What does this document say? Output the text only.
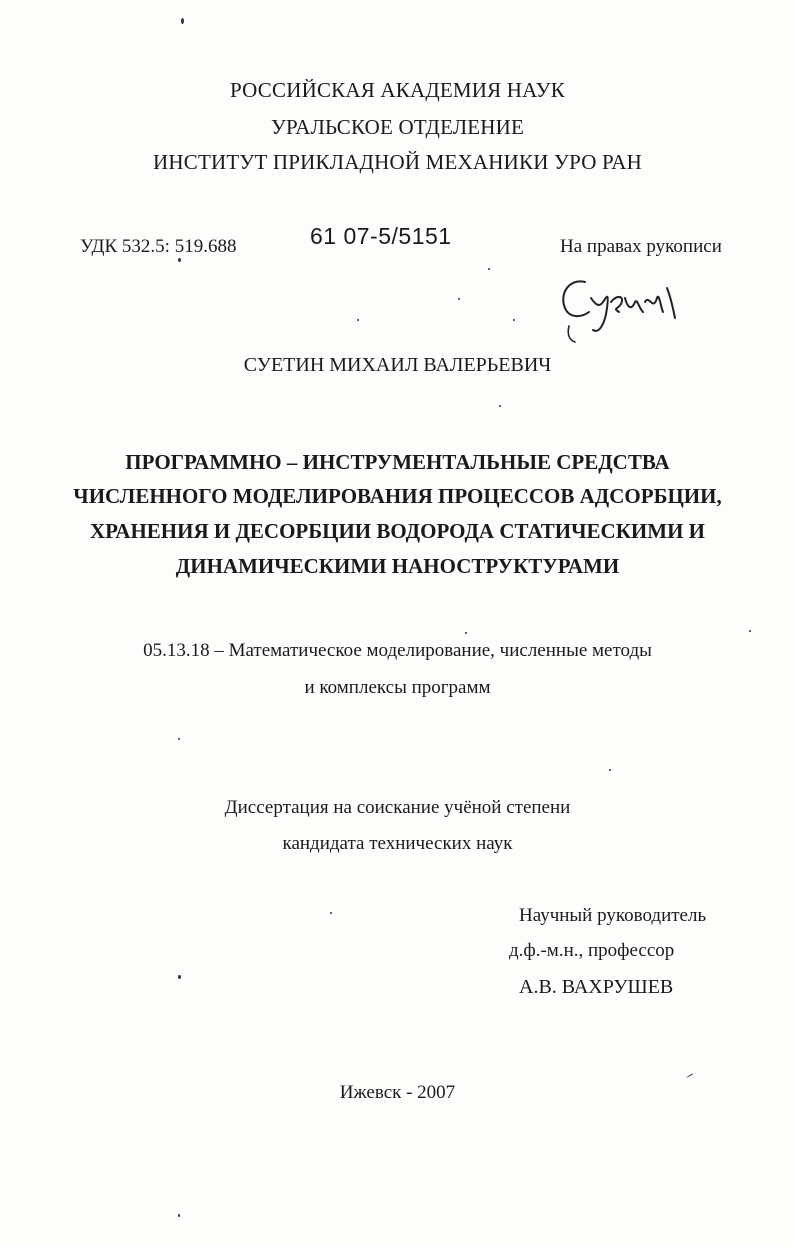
РОССИЙСКАЯ АКАДЕМИЯ НАУК
УРАЛЬСКОЕ ОТДЕЛЕНИЕ
ИНСТИТУТ ПРИКЛАДНОЙ МЕХАНИКИ УРО РАН
УДК 532.5: 519.688	61 07-5/5151	На правах рукописи
СУЕТИН МИХАИЛ ВАЛЕРЬЕВИЧ
ПРОГРАММНО – ИНСТРУМЕНТАЛЬНЫЕ СРЕДСТВА
ЧИСЛЕННОГО МОДЕЛИРОВАНИЯ ПРОЦЕССОВ АДСОРБЦИИ,
ХРАНЕНИЯ И ДЕСОРБЦИИ ВОДОРОДА СТАТИЧЕСКИМИ И
ДИНАМИЧЕСКИМИ НАНОСТРУКТУРАМИ
05.13.18 – Математическое моделирование, численные методы
и комплексы программ
Диссертация на соискание учёной степени
кандидата технических наук
Научный руководитель
д.ф.-м.н., профессор
А.В. ВАХРУШЕВ
Ижевск - 2007
